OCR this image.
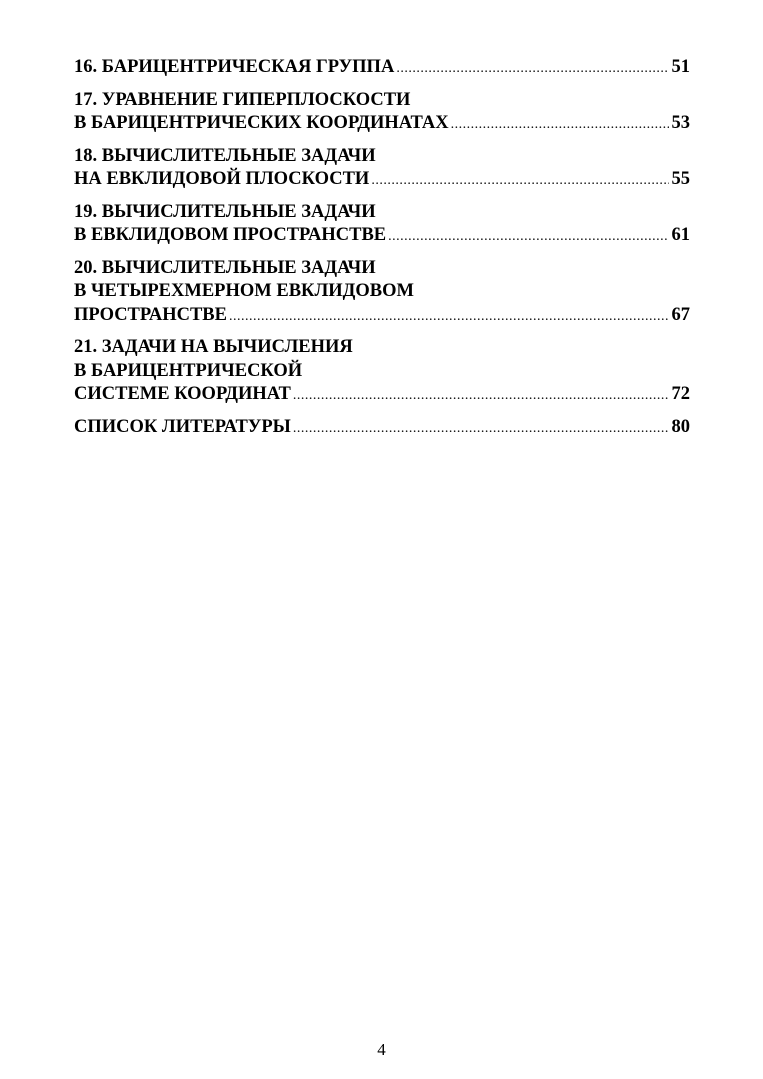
16. БАРИЦЕНТРИЧЕСКАЯ ГРУППА .....	51
17. УРАВНЕНИЕ ГИПЕРПЛОСКОСТИ
В БАРИЦЕНТРИЧЕСКИХ КООРДИНАТАХ .....	53
18. ВЫЧИСЛИТЕЛЬНЫЕ ЗАДАЧИ
НА ЕВКЛИДОВОЙ ПЛОСКОСТИ .....	55
19. ВЫЧИСЛИТЕЛЬНЫЕ ЗАДАЧИ
В ЕВКЛИДОВОМ ПРОСТРАНСТВЕ .....	61
20. ВЫЧИСЛИТЕЛЬНЫЕ ЗАДАЧИ
В ЧЕТЫРЕХМЕРНОМ ЕВКЛИДОВОМ
ПРОСТРАНСТВЕ .....	67
21. ЗАДАЧИ НА ВЫЧИСЛЕНИЯ
В БАРИЦЕНТРИЧЕСКОЙ
СИСТЕМЕ КООРДИНАТ .....	72
СПИСОК ЛИТЕРАТУРЫ .....	80
4
